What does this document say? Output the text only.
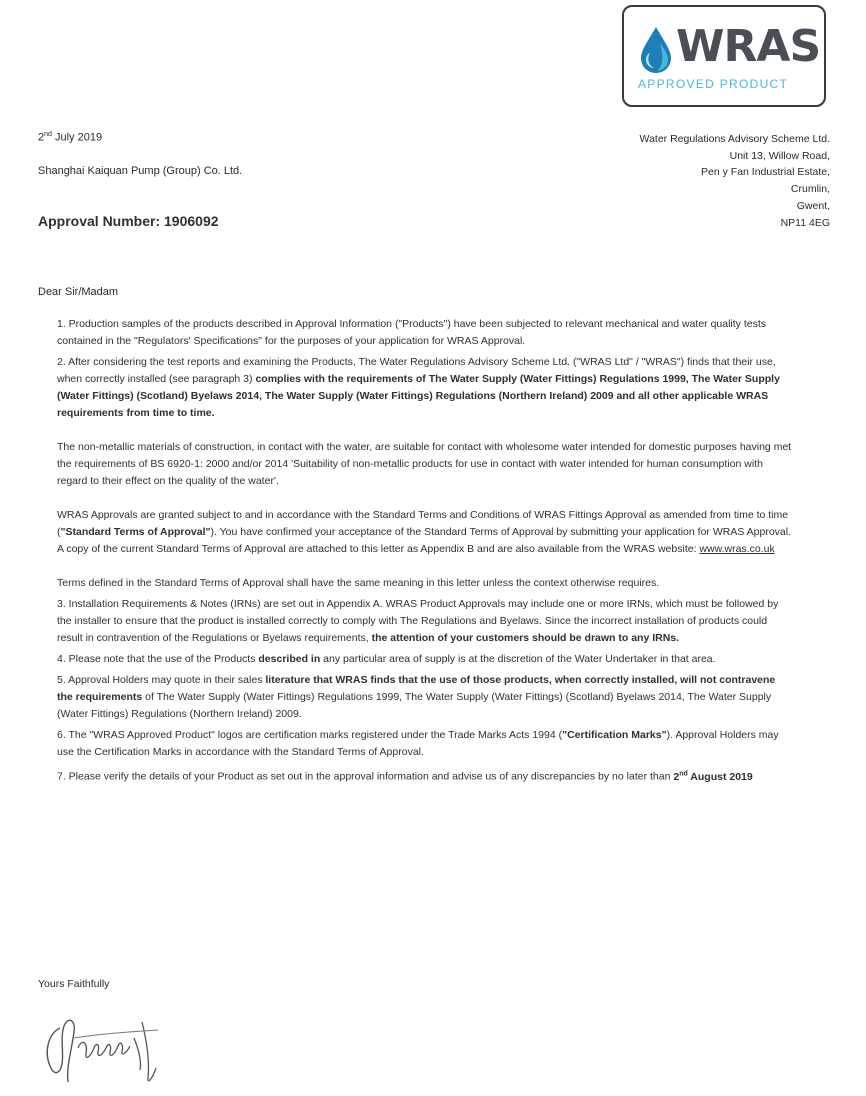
WRAS
APPROVED PRODUCT
2nd July 2019
Shanghai Kaiquan Pump (Group) Co. Ltd.
Approval Number: 1906092
Water Regulations Advisory Scheme Ltd.
Unit 13, Willow Road,
Pen y Fan Industrial Estate,
Crumlin,
Gwent,
NP11 4EG
Dear Sir/Madam

1. Production samples of the products described in Approval Information ("Products") have been subjected to relevant mechanical and water quality tests contained in the "Regulators' Specifications" for the purposes of your application for WRAS Approval.

2. After considering the test reports and examining the Products, The Water Regulations Advisory Scheme Ltd. ("WRAS Ltd" / "WRAS") finds that their use, when correctly installed (see paragraph 3) complies with the requirements of The Water Supply (Water Fittings) Regulations 1999, The Water Supply (Water Fittings) (Scotland) Byelaws 2014, The Water Supply (Water Fittings) Regulations (Northern Ireland) 2009 and all other applicable WRAS requirements from time to time.

The non-metallic materials of construction, in contact with the water, are suitable for contact with wholesome water intended for domestic purposes having met the requirements of BS 6920-1: 2000 and/or 2014 'Suitability of non-metallic products for use in contact with water intended for human consumption with regard to their effect on the quality of the water'.

WRAS Approvals are granted subject to and in accordance with the Standard Terms and Conditions of WRAS Fittings Approval as amended from time to time ("Standard Terms of Approval"). You have confirmed your acceptance of the Standard Terms of Approval by submitting your application for WRAS Approval. A copy of the current Standard Terms of Approval are attached to this letter as Appendix B and are also available from the WRAS website: www.wras.co.uk

Terms defined in the Standard Terms of Approval shall have the same meaning in this letter unless the context otherwise requires.

3. Installation Requirements & Notes (IRNs) are set out in Appendix A. WRAS Product Approvals may include one or more IRNs, which must be followed by the installer to ensure that the product is installed correctly to comply with The Regulations and Byelaws. Since the incorrect installation of products could result in contravention of the Regulations or Byelaws requirements, the attention of your customers should be drawn to any IRNs.

4. Please note that the use of the Products described in any particular area of supply is at the discretion of the Water Undertaker in that area.

5. Approval Holders may quote in their sales literature that WRAS finds that the use of those products, when correctly installed, will not contravene the requirements of The Water Supply (Water Fittings) Regulations 1999, The Water Supply (Water Fittings) (Scotland) Byelaws 2014, The Water Supply (Water Fittings) Regulations (Northern Ireland) 2009.

6. The "WRAS Approved Product" logos are certification marks registered under the Trade Marks Acts 1994 ("Certification Marks"). Approval Holders may use the Certification Marks in accordance with the Standard Terms of Approval.

7. Please verify the details of your Product as set out in the approval information and advise us of any discrepancies by no later than 2nd August 2019

Yours Faithfully
